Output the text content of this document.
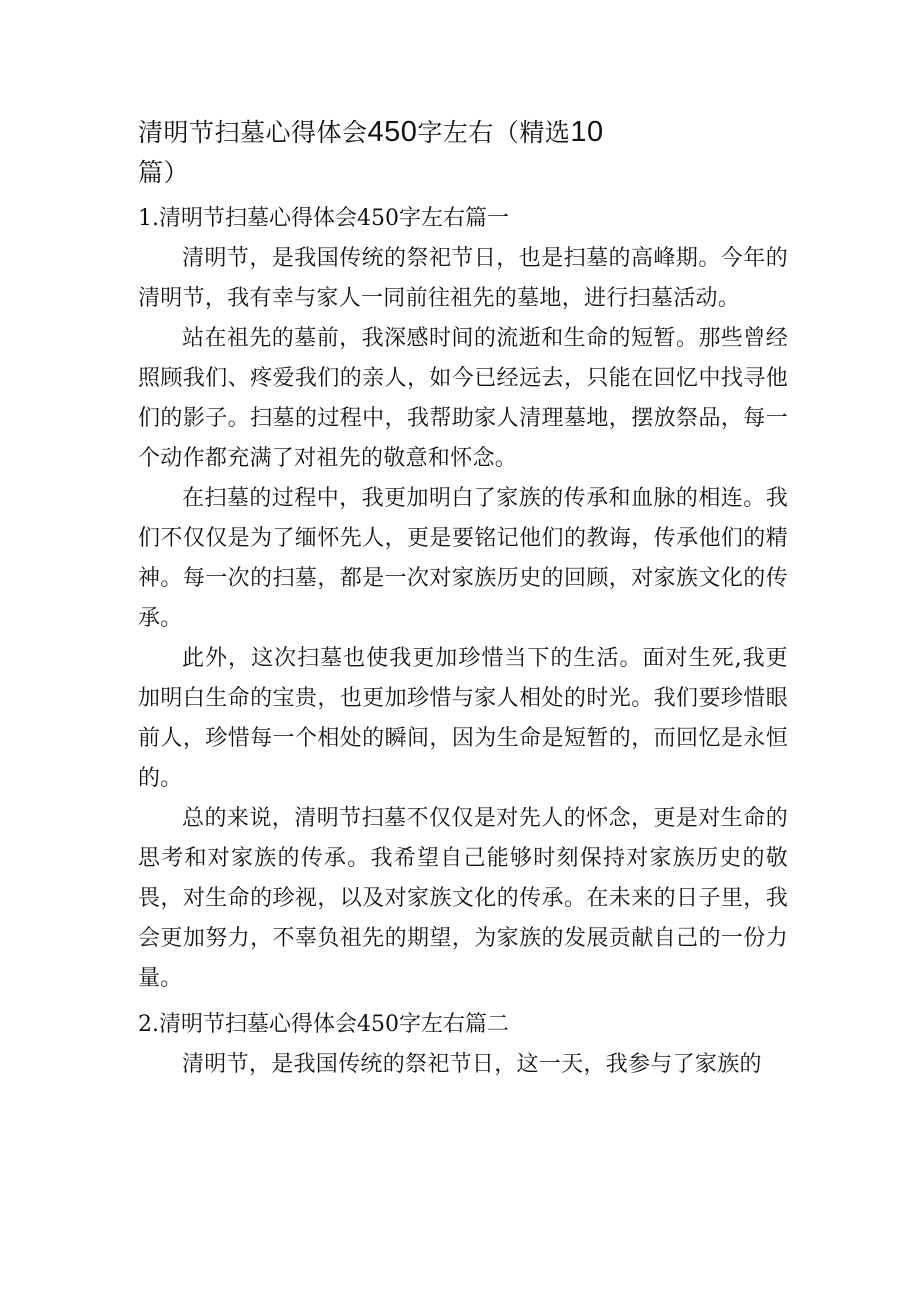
清明节扫墓心得体会450字左右（精选10
篇）
1.清明节扫墓心得体会450字左右篇一

清明节，是我国传统的祭祀节日，也是扫墓的高峰期。今年的清明节，我有幸与家人一同前往祖先的墓地，进行扫墓活动。

站在祖先的墓前，我深感时间的流逝和生命的短暂。那些曾经照顾我们、疼爱我们的亲人，如今已经远去，只能在回忆中找寻他们的影子。扫墓的过程中，我帮助家人清理墓地，摆放祭品，每一个动作都充满了对祖先的敬意和怀念。

在扫墓的过程中，我更加明白了家族的传承和血脉的相连。我们不仅仅是为了缅怀先人，更是要铭记他们的教诲，传承他们的精神。每一次的扫墓，都是一次对家族历史的回顾，对家族文化的传承。

此外，这次扫墓也使我更加珍惜当下的生活。面对生死,我更加明白生命的宝贵，也更加珍惜与家人相处的时光。我们要珍惜眼前人，珍惜每一个相处的瞬间，因为生命是短暂的，而回忆是永恒的。

总的来说，清明节扫墓不仅仅是对先人的怀念，更是对生命的思考和对家族的传承。我希望自己能够时刻保持对家族历史的敬畏，对生命的珍视，以及对家族文化的传承。在未来的日子里，我会更加努力，不辜负祖先的期望，为家族的发展贡献自己的一份力量。

2.清明节扫墓心得体会450字左右篇二

清明节，是我国传统的祭祀节日，这一天，我参与了家族的
